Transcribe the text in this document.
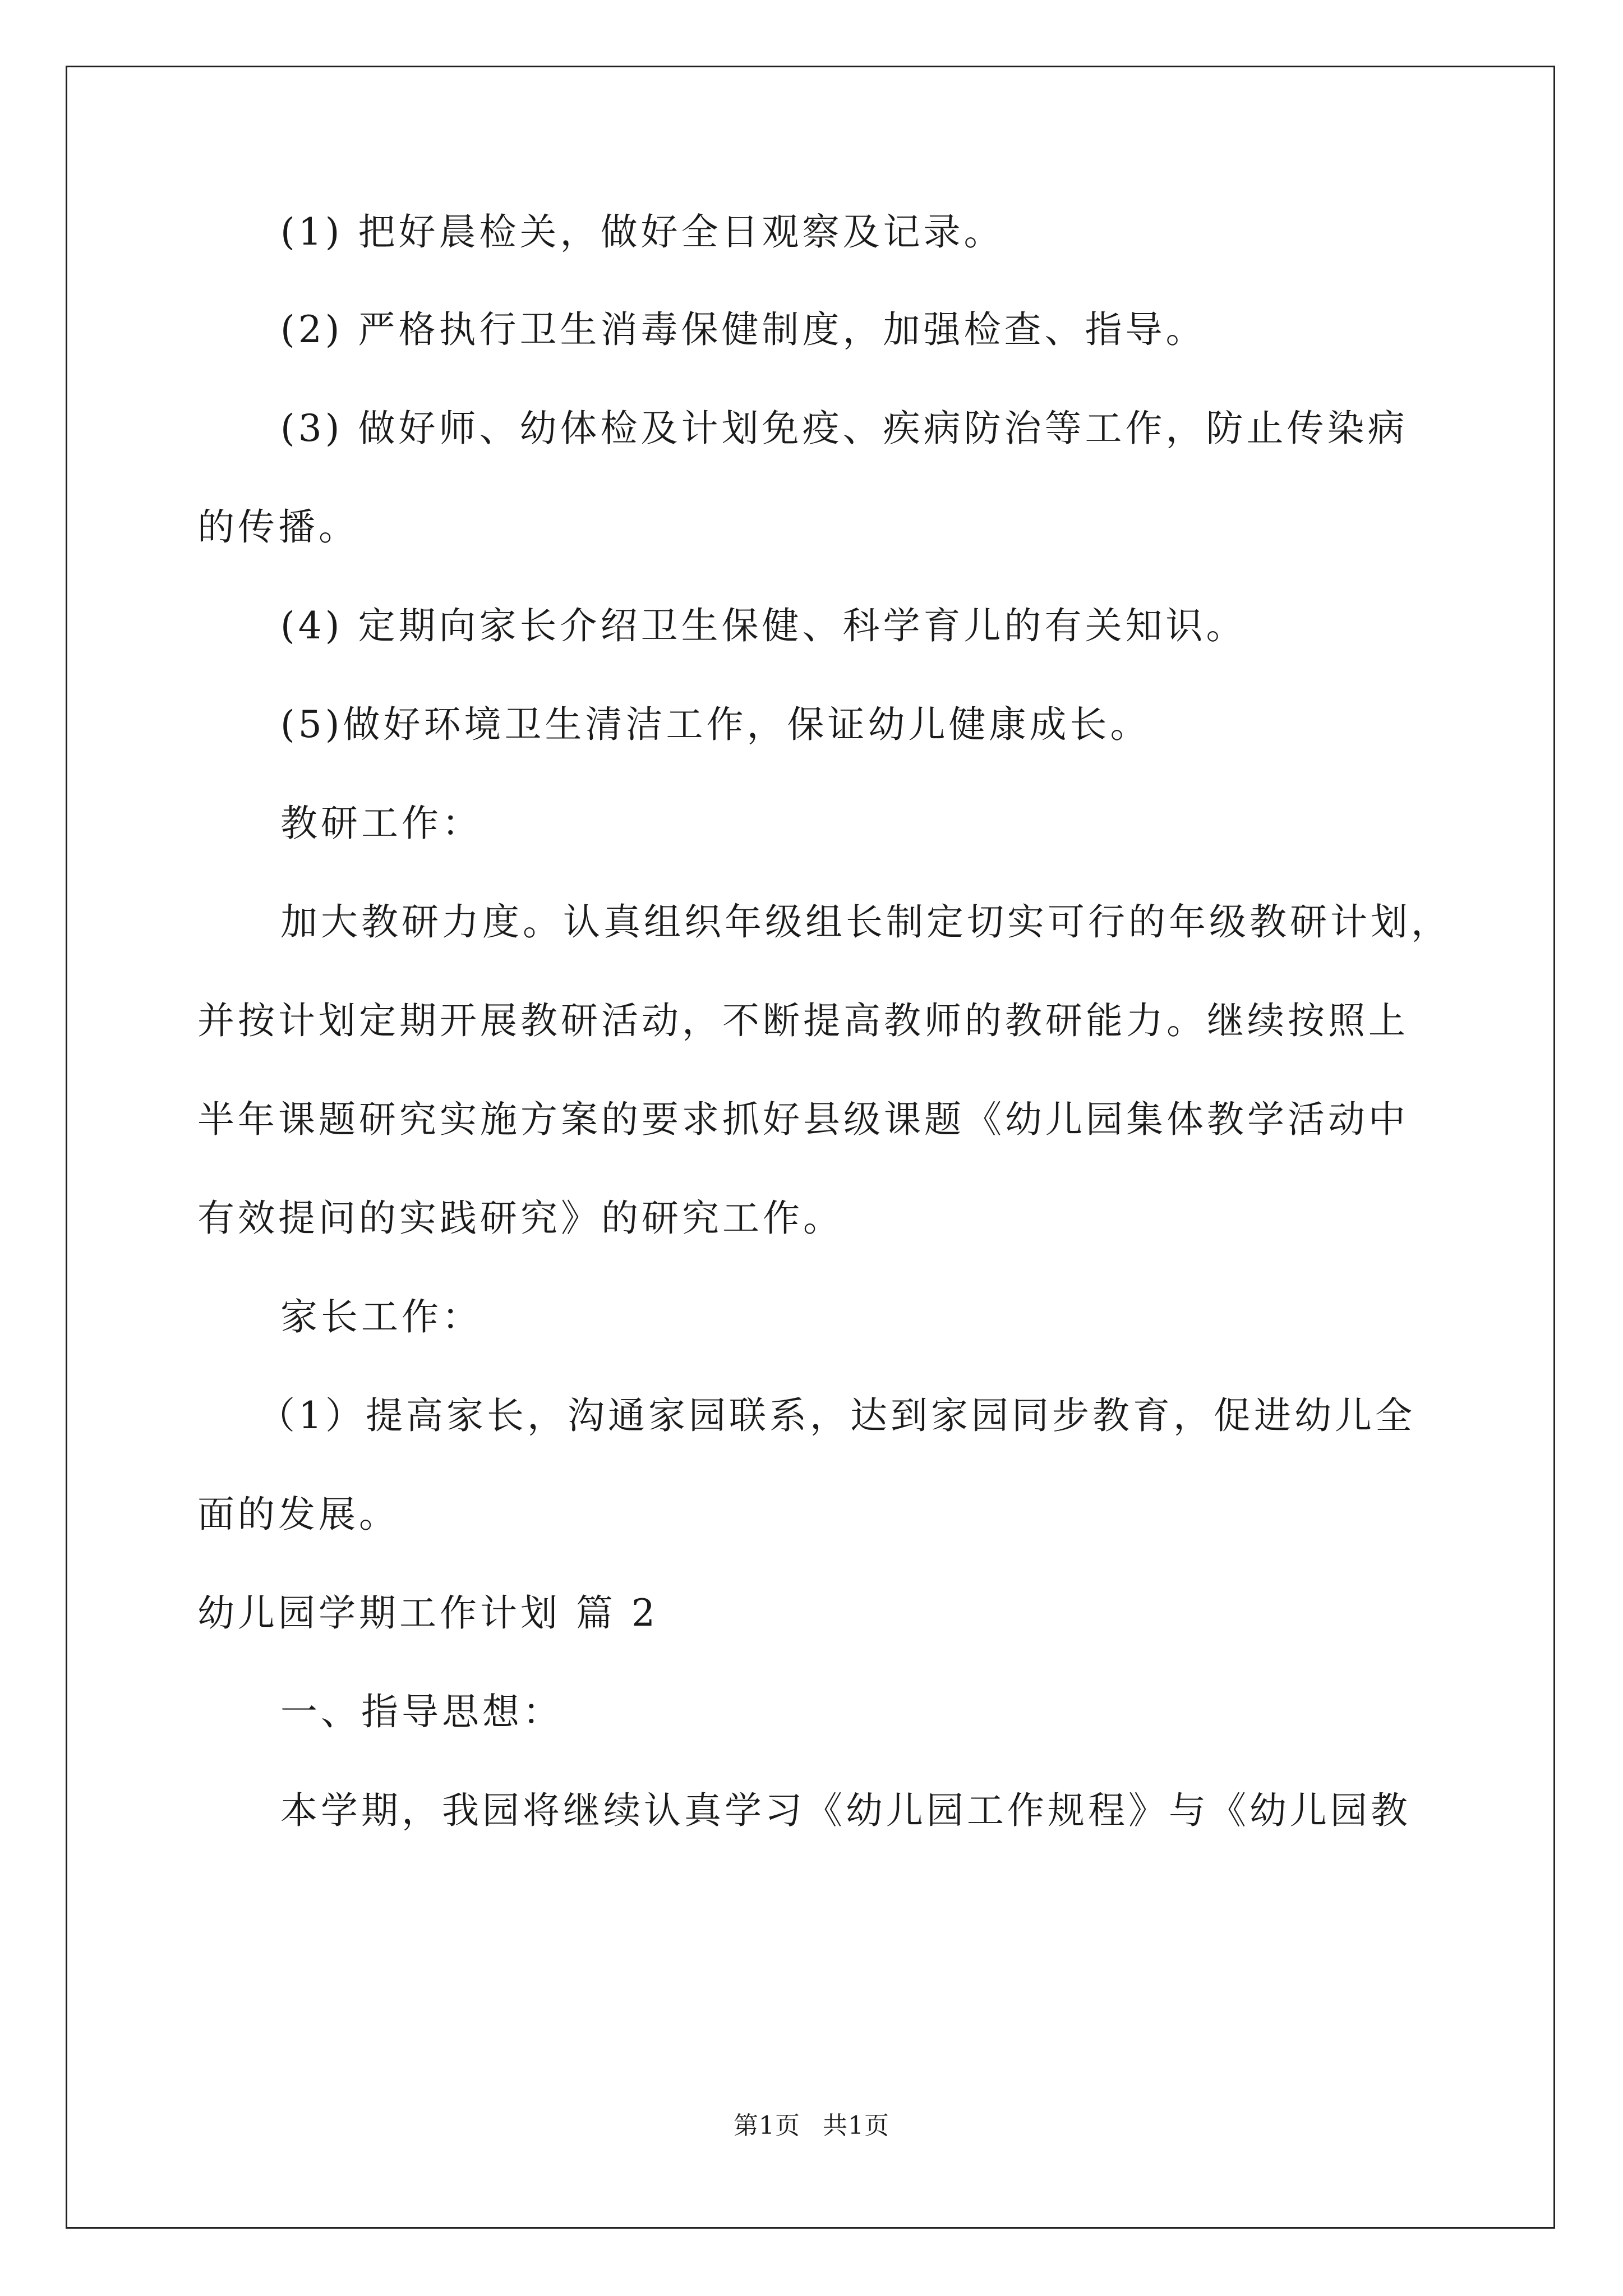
(1) 把好晨检关，做好全日观察及记录。
(2) 严格执行卫生消毒保健制度，加强检查、指导。
(3) 做好师、幼体检及计划免疫、疾病防治等工作，防止传染病
的传播。
(4) 定期向家长介绍卫生保健、科学育儿的有关知识。
(5)做好环境卫生清洁工作，保证幼儿健康成长。
教研工作：
加大教研力度。认真组织年级组长制定切实可行的年级教研计划，
并按计划定期开展教研活动，不断提高教师的教研能力。继续按照上
半年课题研究实施方案的要求抓好县级课题《幼儿园集体教学活动中
有效提问的实践研究》的研究工作。
家长工作：
（1）提高家长，沟通家园联系，达到家园同步教育，促进幼儿全
面的发展。
幼儿园学期工作计划 篇 2
一、指导思想：
本学期，我园将继续认真学习《幼儿园工作规程》与《幼儿园教
第1页 共1页
